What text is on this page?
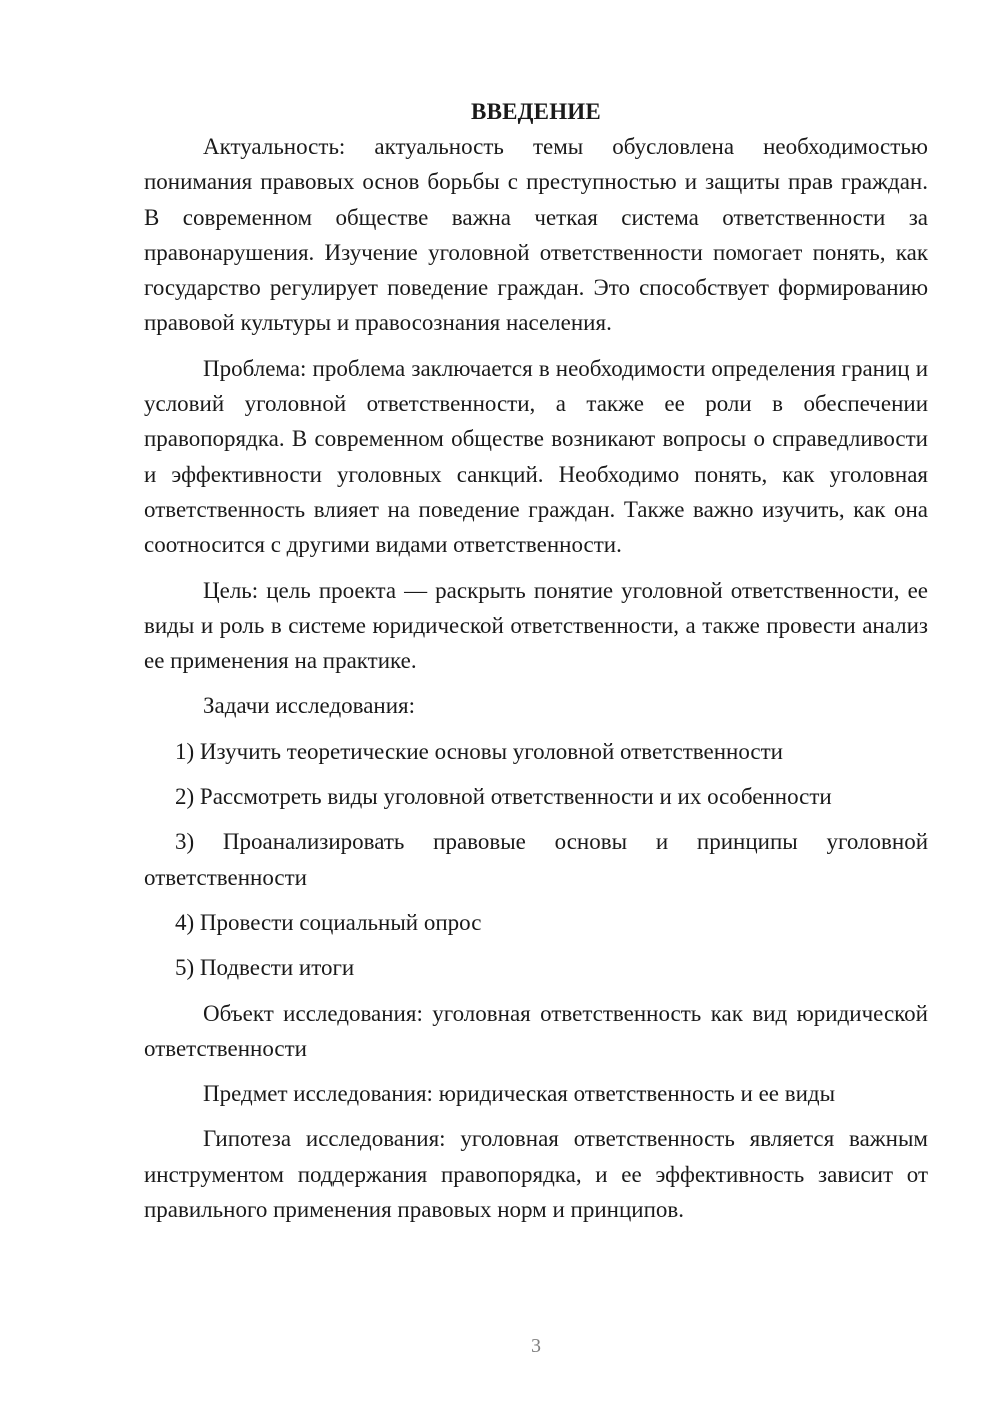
ВВЕДЕНИЕ

Актуальность: актуальность темы обусловлена необходимостью понимания правовых основ борьбы с преступностью и защиты прав граждан. В современном обществе важна четкая система ответственности за правонарушения. Изучение уголовной ответственности помогает понять, как государство регулирует поведение граждан. Это способствует формированию правовой культуры и правосознания населения.

Проблема: проблема заключается в необходимости определения границ и условий уголовной ответственности, а также ее роли в обеспечении правопорядка. В современном обществе возникают вопросы о справедливости и эффективности уголовных санкций. Необходимо понять, как уголовная ответственность влияет на поведение граждан. Также важно изучить, как она соотносится с другими видами ответственности.

Цель: цель проекта — раскрыть понятие уголовной ответственности, ее виды и роль в системе юридической ответственности, а также провести анализ ее применения на практике.

Задачи исследования:

1) Изучить теоретические основы уголовной ответственности

2) Рассмотреть виды уголовной ответственности и их особенности

3) Проанализировать правовые основы и принципы уголовной ответственности

4) Провести социальный опрос

5) Подвести итоги

Объект исследования: уголовная ответственность как вид юридической ответственности

Предмет исследования: юридическая ответственность и ее виды

Гипотеза исследования: уголовная ответственность является важным инструментом поддержания правопорядка, и ее эффективность зависит от правильного применения правовых норм и принципов.

3
